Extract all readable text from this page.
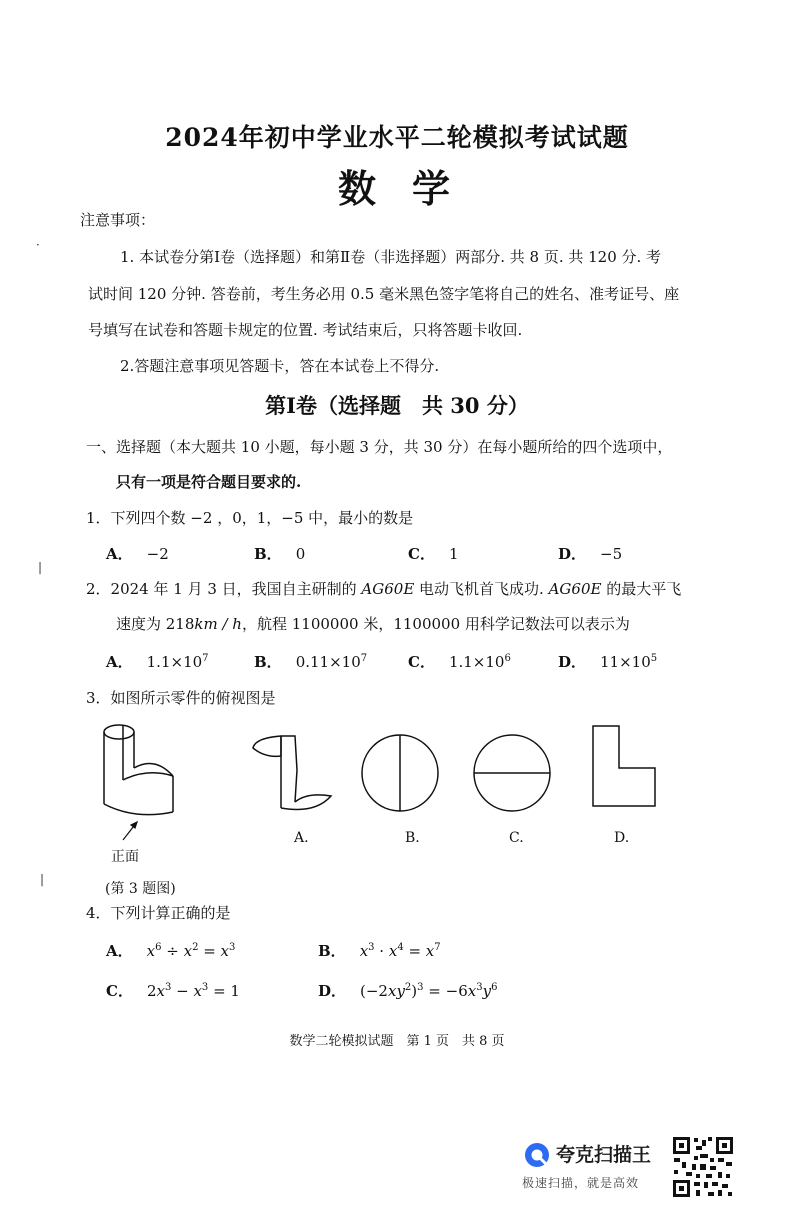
2024年初中学业水平二轮模拟考试试题
数学
注意事项：
1. 本试卷分第Ⅰ卷（选择题）和第Ⅱ卷（非选择题）两部分. 共 8 页. 共 120 分. 考
试时间 120 分钟. 答卷前，考生务必用 0.5 毫米黑色签字笔将自己的姓名、准考证号、座
号填写在试卷和答题卡规定的位置. 考试结束后，只将答题卡收回.
2.答题注意事项见答题卡，答在本试卷上不得分.
第Ⅰ卷（选择题　共 30 分）
一、选择题（本大题共 10 小题，每小题 3 分，共 30 分）在每小题所给的四个选项中，
只有一项是符合题目要求的.
1．下列四个数 −2 ，0，1，−5 中，最小的数是
A． −2	B． 0	C． 1	D． −5
2．2024 年 1 月 3 日，我国自主研制的 AG60E 电动飞机首飞成功. AG60E 的最大平飞
速度为 218km / h，航程 1100000 米，1100000 用科学记数法可以表示为
A． $1.1\times 10^7$	B． $0.11\times 10^7$	C． $1.1\times 10^6$	D． $11\times 10^5$
3．如图所示零件的俯视图是
正面
A.	B.	C.	D.
(第 3 题图)
4．下列计算正确的是
A． $x^6 \div x^2 = x^3$	B． $x^3 \cdot x^4 = x^7$
C． $2x^3 - x^3 = 1$	D． $(-2xy^2)^3 = -6x^3y^6$
数学二轮模拟试题　第 1 页　共 8 页
夸克扫描王
极速扫描，就是高效
·
|
|
